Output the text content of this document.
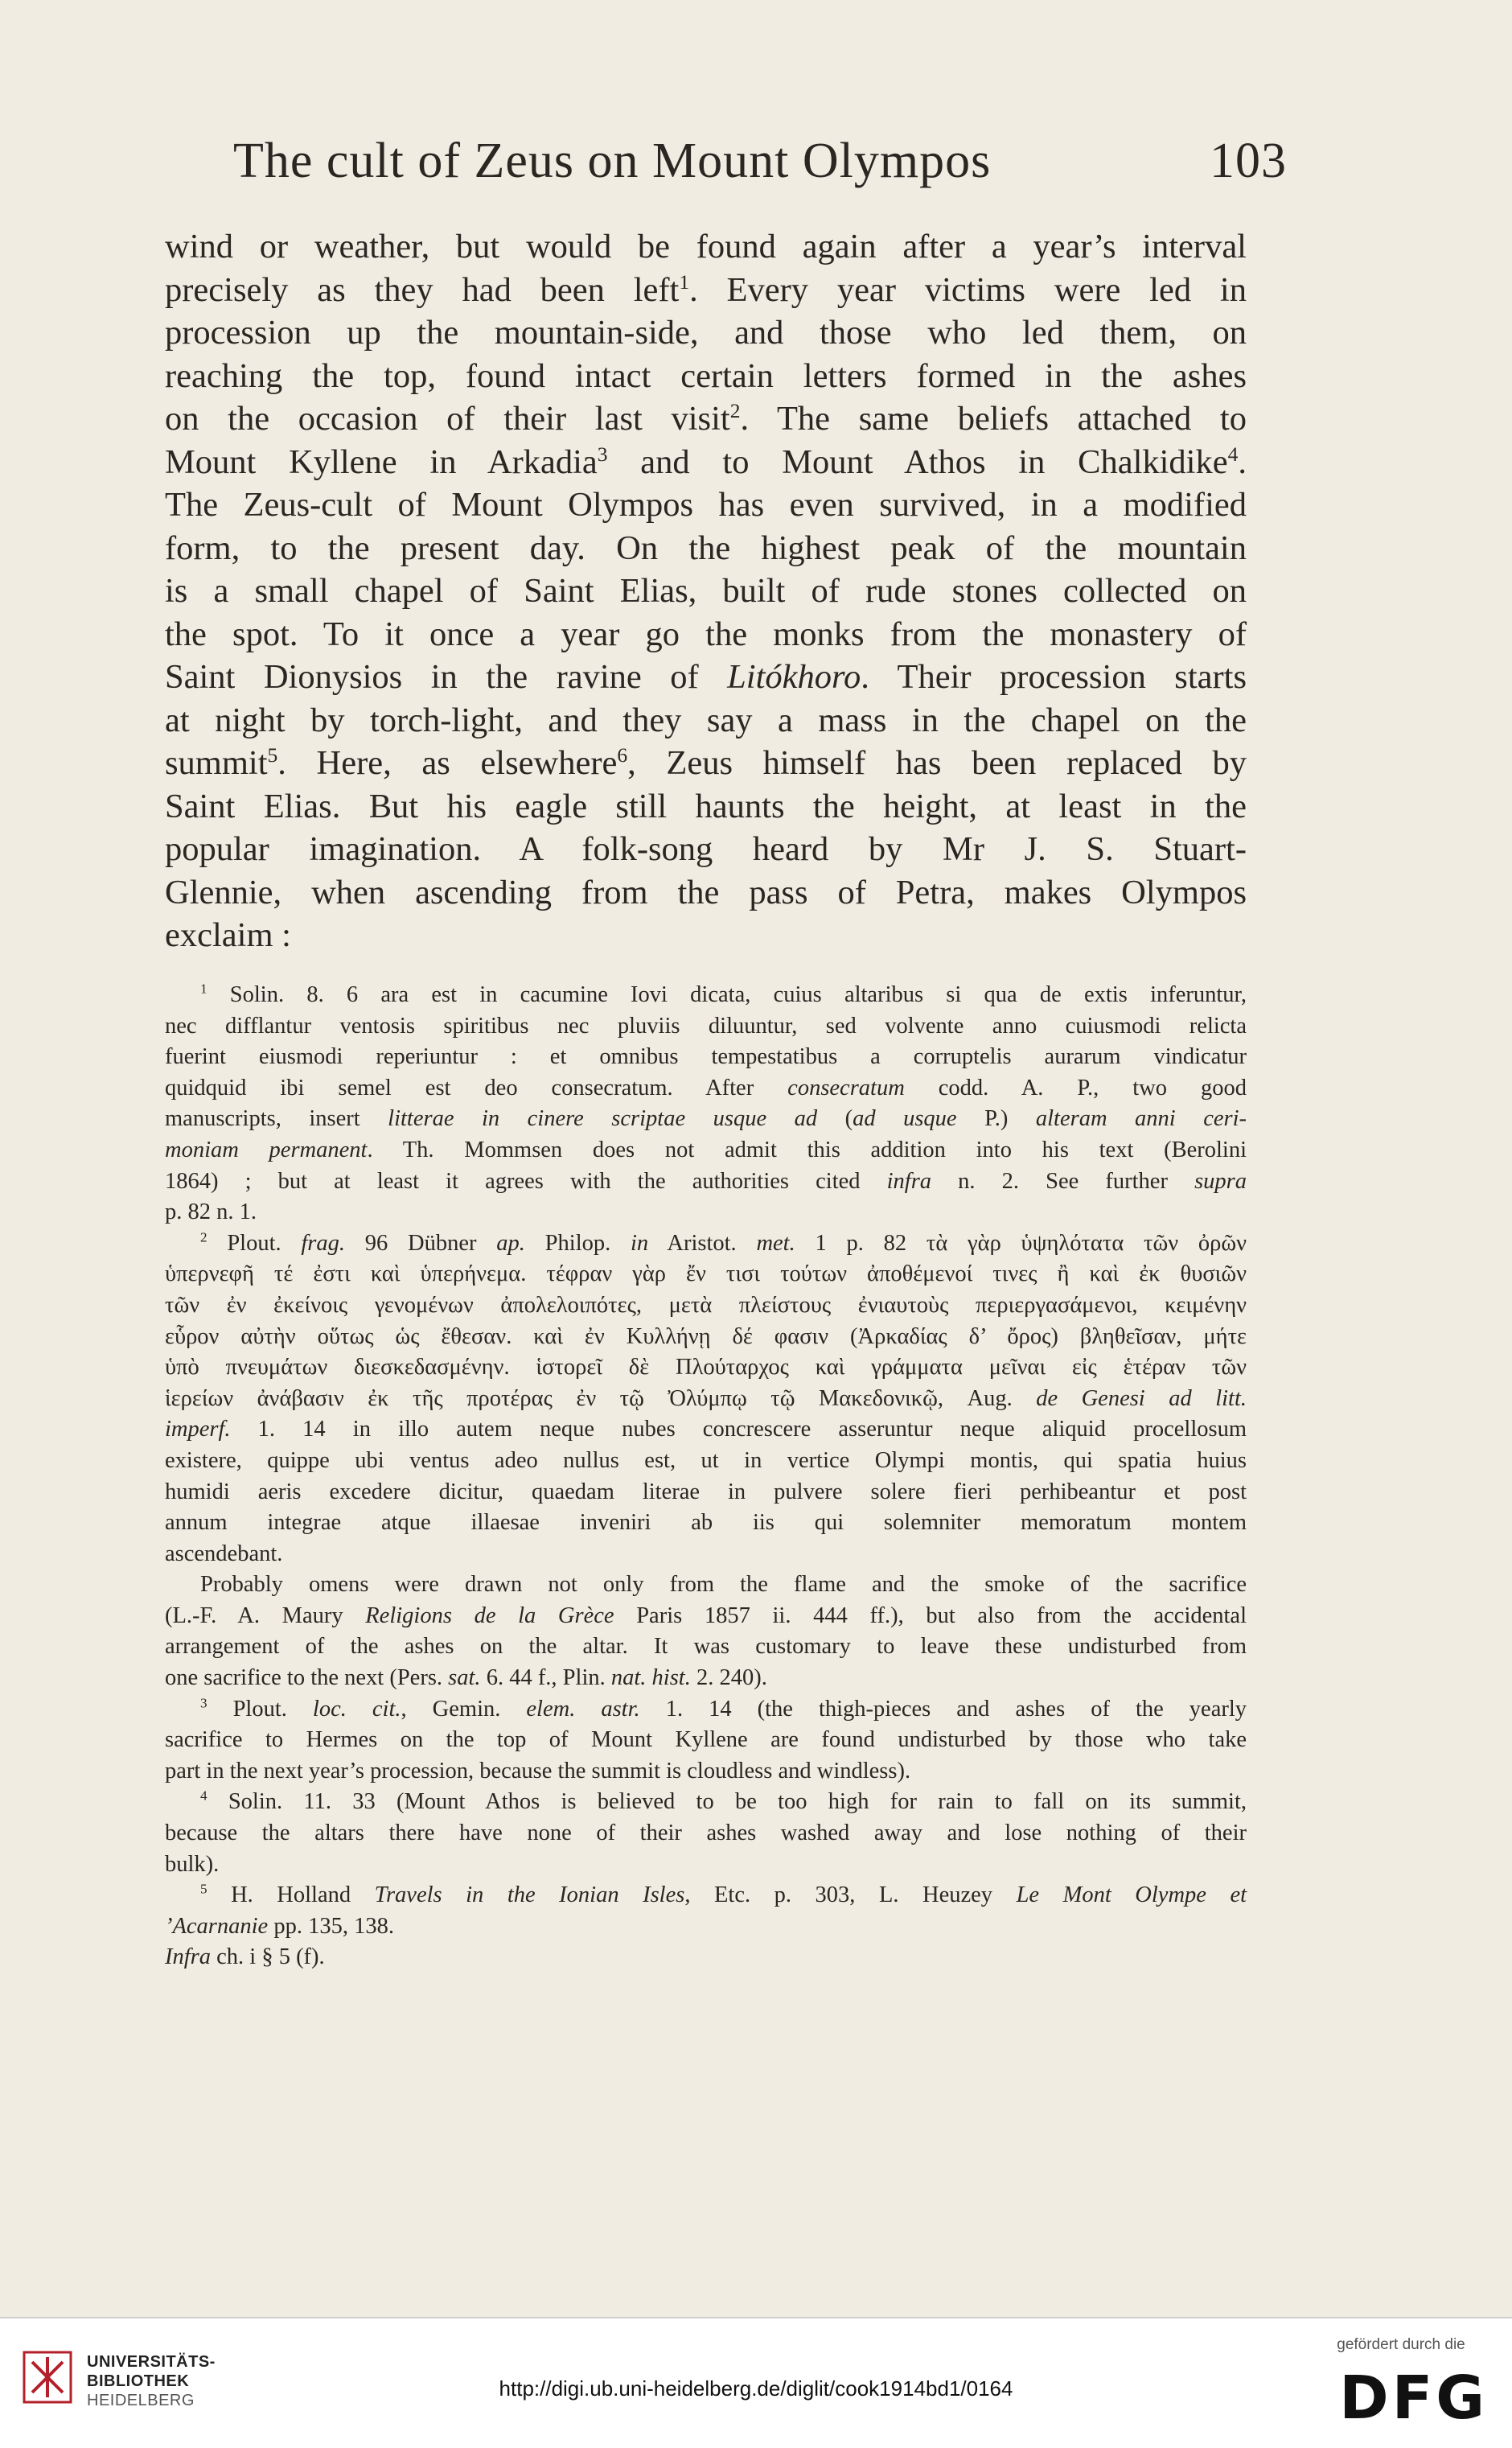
The cult of Zeus on Mount Olympos	103
wind or weather, but would be found again after a year’s interval
precisely as they had been left$^1$. Every year victims were led in
procession up the mountain-side, and those who led them, on
reaching the top, found intact certain letters formed in the ashes
on the occasion of their last visit$^2$. The same beliefs attached to
Mount Kyllene in Arkadia$^3$ and to Mount Athos in Chalkidike$^4$.
The Zeus-cult of Mount Olympos has even survived, in a modified
form, to the present day. On the highest peak of the mountain
is a small chapel of Saint Elias, built of rude stones collected on
the spot. To it once a year go the monks from the monastery of
Saint Dionysios in the ravine of Litókhoro. Their procession starts
at night by torch-light, and they say a mass in the chapel on the
summit$^5$. Here, as elsewhere$^6$, Zeus himself has been replaced by
Saint Elias. But his eagle still haunts the height, at least in the
popular imagination. A folk-song heard by Mr J. S. Stuart-
Glennie, when ascending from the pass of Petra, makes Olympos
exclaim :
$^1$ Solin. 8. 6 ara est in cacumine Iovi dicata, cuius altaribus si qua de extis inferuntur,
nec difflantur ventosis spiritibus nec pluviis diluuntur, sed volvente anno cuiusmodi relicta
fuerint eiusmodi reperiuntur : et omnibus tempestatibus a corruptelis aurarum vindicatur
quidquid ibi semel est deo consecratum. After consecratum codd. A. P., two good
manuscripts, insert litterae in cinere scriptae usque ad (ad usque P.) alteram anni ceri-
moniam permanent. Th. Mommsen does not admit this addition into his text (Berolini
1864) ; but at least it agrees with the authorities cited infra n. 2. See further supra
p. 82 n. 1.
$^2$ Plout. frag. 96 Dübner ap. Philop. in Aristot. met. 1 p. 82 τὰ γὰρ ὑψηλότατα τῶν ὀρῶν
ὑπερνεφῆ τέ ἐστι καὶ ὑπερήνεμα. τέφραν γὰρ ἔν τισι τούτων ἀποθέμενοί τινες ἢ καὶ ἐκ θυσιῶν
τῶν ἐν ἐκείνοις γενομένων ἀπολελοιπότες, μετὰ πλείστους ἐνιαυτοὺς περιεργασάμενοι, κειμένην
εὗρον αὐτὴν οὕτως ὡς ἔθεσαν. καὶ ἐν Κυλλήνῃ δέ φασιν (Ἀρκαδίας δ’ ὄρος) βληθεῖσαν, μήτε
ὑπὸ πνευμάτων διεσκεδασμένην. ἱστορεῖ δὲ Πλούταρχος καὶ γράμματα μεῖναι εἰς ἑτέραν τῶν
ἱερείων ἀνάβασιν ἐκ τῆς προτέρας ἐν τῷ Ὀλύμπῳ τῷ Μακεδονικῷ, Aug. de Genesi ad litt.
imperf. 1. 14 in illo autem neque nubes concrescere asseruntur neque aliquid procellosum
existere, quippe ubi ventus adeo nullus est, ut in vertice Olympi montis, qui spatia huius
humidi aeris excedere dicitur, quaedam literae in pulvere solere fieri perhibeantur et post
annum integrae atque illaesae inveniri ab iis qui solemniter memoratum montem
ascendebant.
Probably omens were drawn not only from the flame and the smoke of the sacrifice
(L.-F. A. Maury Religions de la Grèce Paris 1857 ii. 444 ff.), but also from the accidental
arrangement of the ashes on the altar. It was customary to leave these undisturbed from
one sacrifice to the next (Pers. sat. 6. 44 f., Plin. nat. hist. 2. 240).
$^3$ Plout. loc. cit., Gemin. elem. astr. 1. 14 (the thigh-pieces and ashes of the yearly
sacrifice to Hermes on the top of Mount Kyllene are found undisturbed by those who take
part in the next year’s procession, because the summit is cloudless and windless).
$^4$ Solin. 11. 33 (Mount Athos is believed to be too high for rain to fall on its summit,
because the altars there have none of their ashes washed away and lose nothing of their
bulk).
$^5$ H. Holland Travels in the Ionian Isles, Etc. p. 303, L. Heuzey Le Mont Olympe et
’Acarnanie pp. 135, 138.
Infra ch. i § 5 (f).
UNIVERSITÄTS-
BIBLIOTHEK
HEIDELBERG	http://digi.ub.uni-heidelberg.de/diglit/cook1914bd1/0164
gefördert durch die
DFG
